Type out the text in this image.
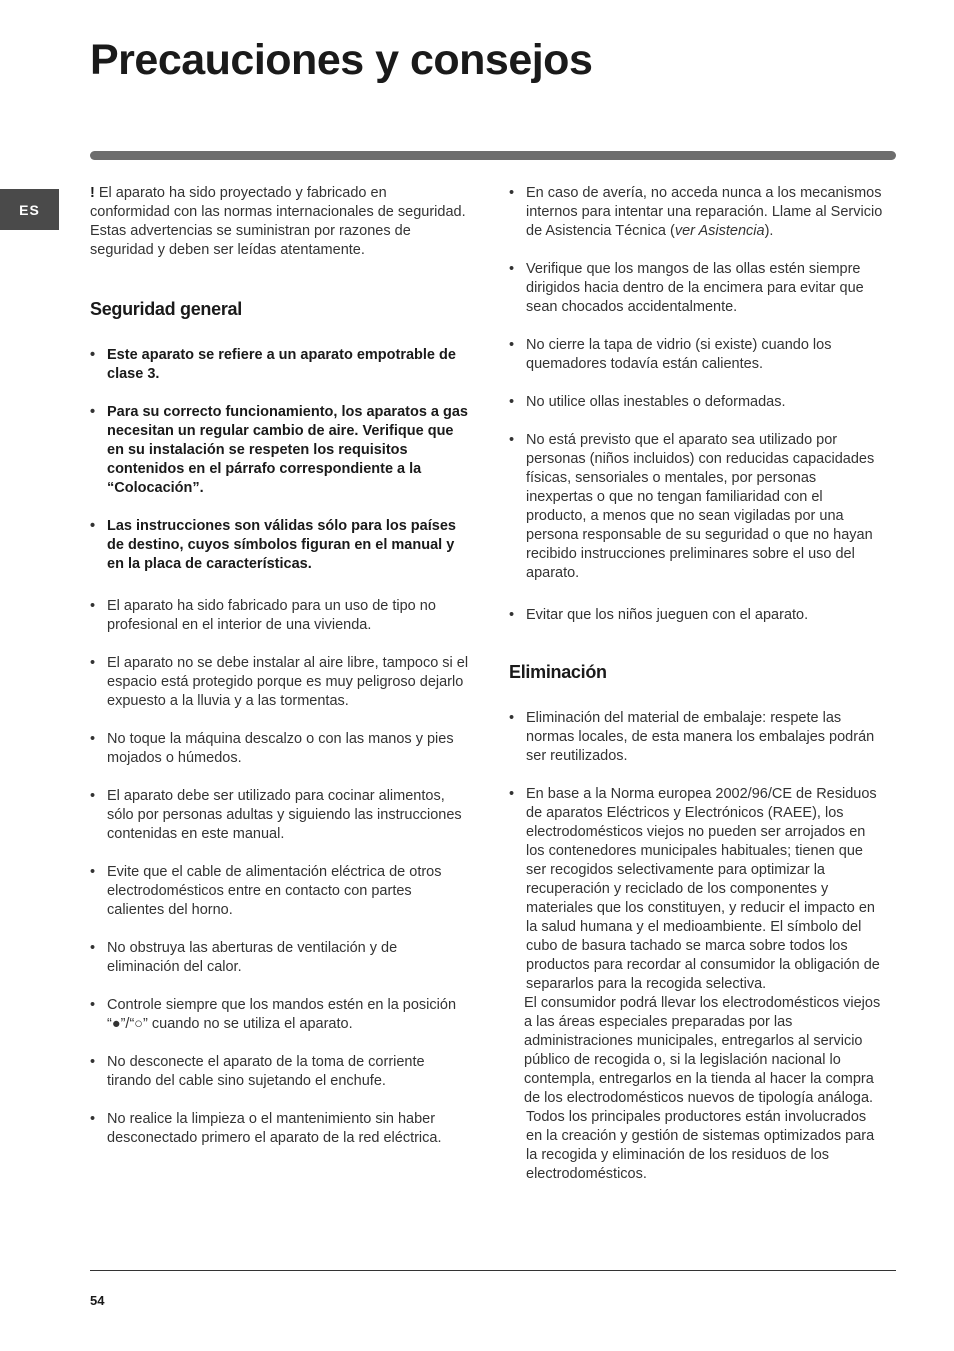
Precauciones y consejos
ES

! El aparato ha sido proyectado y fabricado en conformidad con las normas internacionales de seguridad. Estas advertencias se suministran por razones de seguridad y deben ser leídas atentamente.

Seguridad general
• Este aparato se refiere a un aparato empotrable de clase 3.
• Para su correcto funcionamiento, los aparatos a gas necesitan un regular cambio de aire. Verifique que en su instalación se respeten los requisitos contenidos en el párrafo correspondiente a la “Colocación”.
• Las instrucciones son válidas sólo para los países de destino, cuyos símbolos figuran en el manual y en la placa de características.
• El aparato ha sido fabricado para un uso de tipo no profesional en el interior de una vivienda.
• El aparato no se debe instalar al aire libre, tampoco si el espacio está protegido porque es muy peligroso dejarlo expuesto a la lluvia y a las tormentas.
• No toque la máquina descalzo o con las manos y pies mojados o húmedos.
• El aparato debe ser utilizado para cocinar alimentos, sólo por personas adultas y siguiendo las instrucciones contenidas en este manual.
• Evite que el cable de alimentación eléctrica de otros electrodomésticos entre en contacto con partes calientes del horno.
• No obstruya las aberturas de ventilación y de eliminación del calor.
• Controle siempre que los mandos estén en la posición “●”/“○” cuando no se utiliza el aparato.
• No desconecte el aparato de la toma de corriente tirando del cable sino sujetando el enchufe.
• No realice la limpieza o el mantenimiento sin haber desconectado primero el aparato de la red eléctrica.
• En caso de avería, no acceda nunca a los mecanismos internos para intentar una reparación. Llame al Servicio de Asistencia Técnica (ver Asistencia).
• Verifique que los mangos de las ollas estén siempre dirigidos hacia dentro de la encimera para evitar que sean chocados accidentalmente.
• No cierre la tapa de vidrio (si existe) cuando los quemadores todavía están calientes.
• No utilice ollas inestables o deformadas.
• No está previsto que el aparato sea utilizado por personas (niños incluidos) con reducidas capacidades físicas, sensoriales o mentales, por personas inexpertas o que no tengan familiaridad con el producto, a menos que no sean vigiladas por una persona responsable de su seguridad o que no hayan recibido instrucciones preliminares sobre el uso del aparato.
• Evitar que los niños jueguen con el aparato.
Eliminación
• Eliminación del material de embalaje: respete las normas locales, de esta manera los embalajes podrán ser reutilizados.
• En base a la Norma europea 2002/96/CE de Residuos de aparatos Eléctricos y Electrónicos (RAEE), los electrodomésticos viejos no pueden ser arrojados en los contenedores municipales habituales; tienen que ser recogidos selectivamente para optimizar la recuperación y reciclado de los componentes y materiales que los constituyen, y reducir el impacto en la salud humana y el medioambiente. El símbolo del cubo de basura tachado se marca sobre todos los productos para recordar al consumidor la obligación de separarlos para la recogida selectiva.
El consumidor podrá llevar los electrodomésticos viejos a las áreas especiales preparadas por las administraciones municipales, entregarlos al servicio público de recogida o, si la legislación nacional lo contempla, entregarlos en la tienda al hacer la compra de los electrodomésticos nuevos de tipología análoga.
Todos los principales productores están involucrados en la creación y gestión de sistemas optimizados para la recogida y eliminación de los residuos de los electrodomésticos.
54
